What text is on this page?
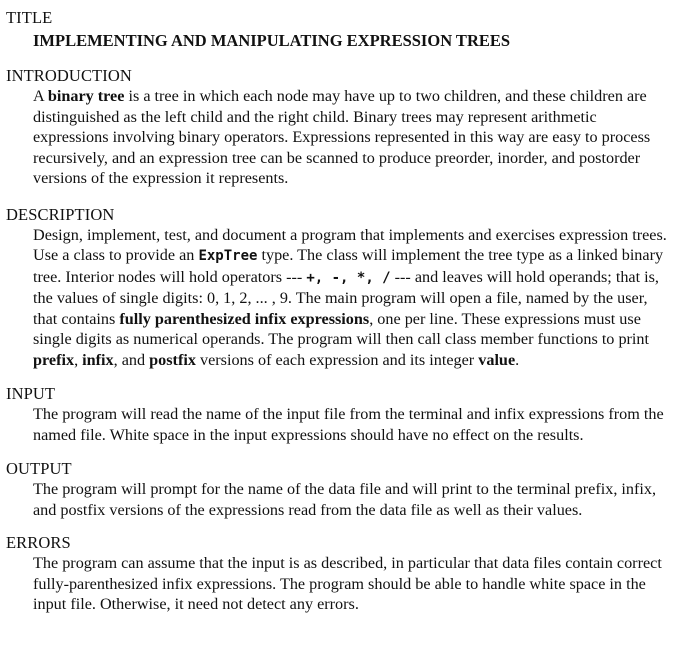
TITLE
IMPLEMENTING AND MANIPULATING EXPRESSION TREES
INTRODUCTION

A binary tree is a tree in which each node may have up to two children, and these children are distinguished as the left child and the right child. Binary trees may represent arithmetic expressions involving binary operators. Expressions represented in this way are easy to process recursively, and an expression tree can be scanned to produce preorder, inorder, and postorder versions of the expression it represents.

DESCRIPTION

Design, implement, test, and document a program that implements and exercises expression trees. Use a class to provide an ExpTree type. The class will implement the tree type as a linked binary tree. Interior nodes will hold operators --- +, -, *, / --- and leaves will hold operands; that is, the values of single digits: 0, 1, 2, ... , 9. The main program will open a file, named by the user, that contains fully parenthesized infix expressions, one per line. These expressions must use single digits as numerical operands. The program will then call class member functions to print prefix, infix, and postfix versions of each expression and its integer value.

INPUT

The program will read the name of the input file from the terminal and infix expressions from the named file. White space in the input expressions should have no effect on the results.

OUTPUT

The program will prompt for the name of the data file and will print to the terminal prefix, infix, and postfix versions of the expressions read from the data file as well as their values.

ERRORS

The program can assume that the input is as described, in particular that data files contain correct fully-parenthesized infix expressions. The program should be able to handle white space in the input file. Otherwise, it need not detect any errors.
